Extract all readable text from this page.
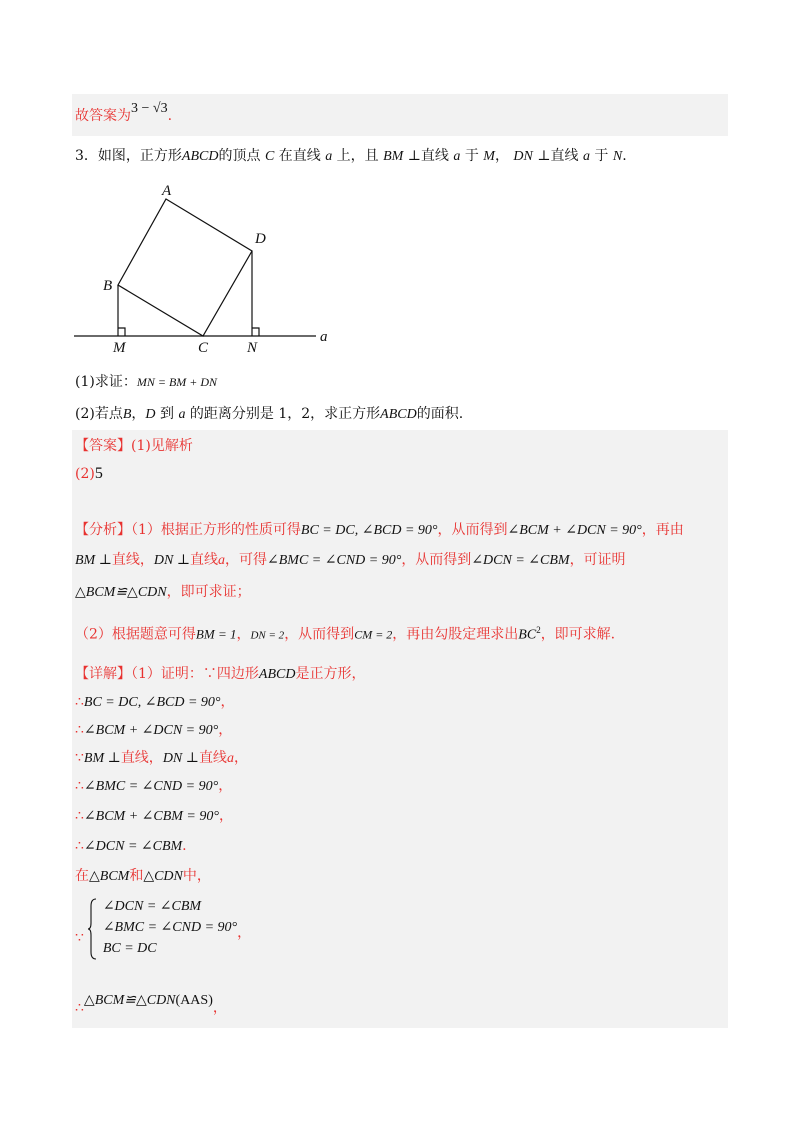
故答案为3 − √3.
3．如图，正方形ABCD的顶点 C 在直线 a 上，且 BM ⊥直线 a 于 M， DN ⊥直线 a 于 N.
A
D
B
M	C	N
a
(1)求证：MN = BM + DN
(2)若点B，D 到 a 的距离分别是 1，2，求正方形ABCD的面积.
【答案】(1)见解析
(2)5
【分析】（1）根据正方形的性质可得BC = DC, ∠BCD = 90°，从而得到∠BCM + ∠DCN = 90°，再由
BM ⊥直线，DN ⊥直线a，可得∠BMC = ∠CND = 90°，从而得到∠DCN = ∠CBM，可证明
△BCM≌△CDN，即可求证；
（2）根据题意可得BM = 1，DN = 2，从而得到CM = 2，再由勾股定理求出$BC^2$，即可求解.
【详解】（1）证明：∵四边形ABCD是正方形，
∴BC = DC, ∠BCD = 90°，
∴∠BCM + ∠DCN = 90°，
∵BM ⊥直线，DN ⊥直线a，
∴∠BMC = ∠CND = 90°，
∴∠BCM + ∠CBM = 90°，
∴∠DCN = ∠CBM.
在△BCM和△CDN中，
∵  ∠DCN = ∠CBM
∠BMC = ∠CND = 90°，
BC = DC
∴△BCM≌△CDN(AAS)，
